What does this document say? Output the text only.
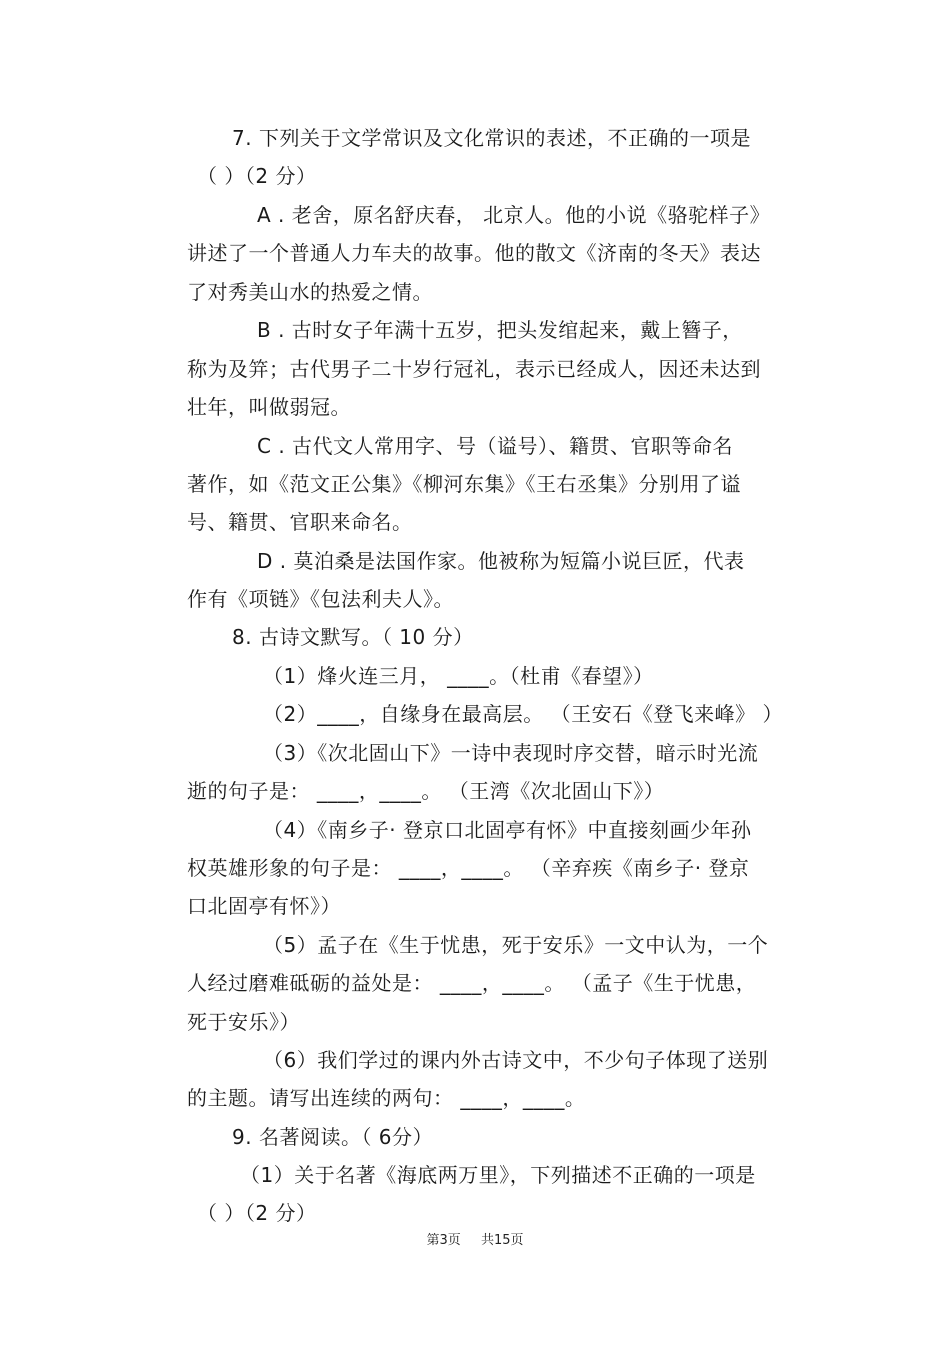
7. 下列关于文学常识及文化常识的表述，不正确的一项是
（ ）（2 分）
A . 老舍，原名舒庆春， 北京人。他的小说《骆驼样子》
讲述了一个普通人力车夫的故事。他的散文《济南的冬天》表达
了对秀美山水的热爱之情。
B . 古时女子年满十五岁，把头发绾起来，戴上簪子，
称为及笄；古代男子二十岁行冠礼，表示已经成人，因还未达到
壮年，叫做弱冠。
C . 古代文人常用字、号（谥号）、籍贯、官职等命名
著作，如《范文正公集》《柳河东集》《王右丞集》分别用了谥
号、籍贯、官职来命名。
D . 莫泊桑是法国作家。他被称为短篇小说巨匠，代表
作有《项链》《包法利夫人》。
8. 古诗文默写。（ 10 分）
（1）烽火连三月， ____。（杜甫《春望》）
（2）____，自缘身在最高层。 （王安石《登飞来峰》 ）
（3）《次北固山下》一诗中表现时序交替，暗示时光流
逝的句子是： ____，____。 （王湾《次北固山下》）
（4）《南乡子· 登京口北固亭有怀》中直接刻画少年孙
权英雄形象的句子是： ____，____。 （辛弃疾《南乡子· 登京
口北固亭有怀》）
（5）孟子在《生于忧患，死于安乐》一文中认为，一个
人经过磨难砥砺的益处是： ____，____。 （孟子《生于忧患，
死于安乐》）
（6）我们学过的课内外古诗文中，不少句子体现了送别
的主题。请写出连续的两句： ____，____。
9. 名著阅读。（ 6分）
（1）关于名著《海底两万里》，下列描述不正确的一项是
（ ）（2 分）
第3页 共15页
